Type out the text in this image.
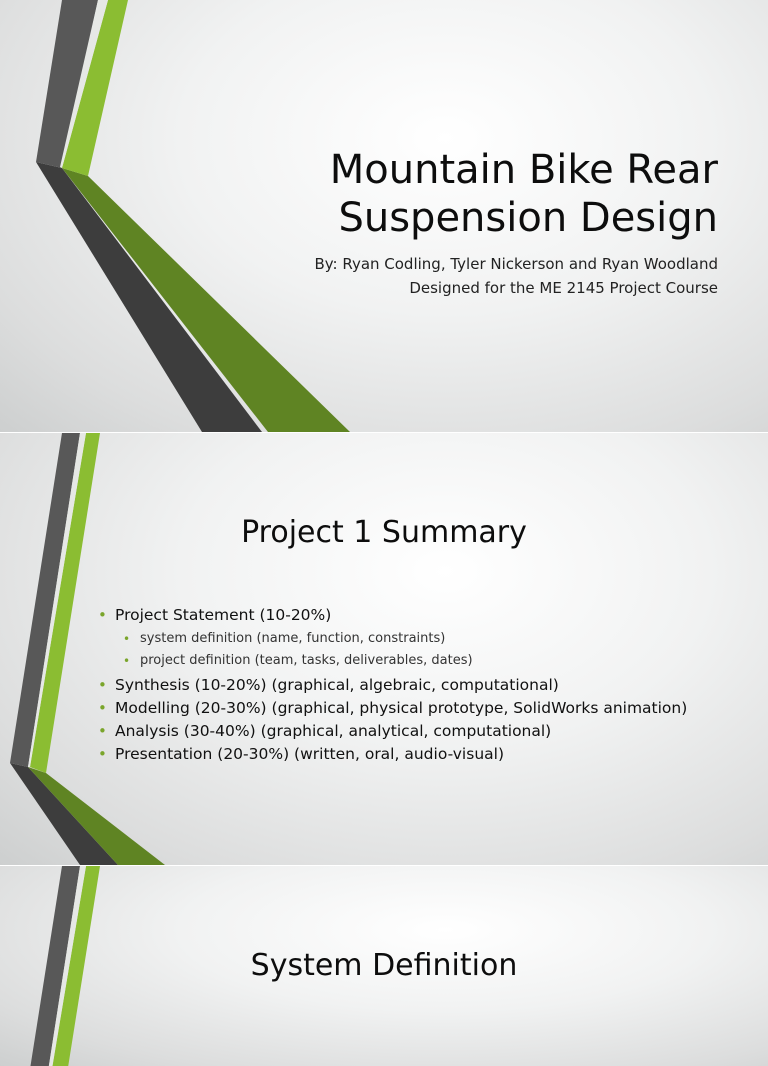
Mountain Bike Rear
Suspension Design

By: Ryan Codling, Tyler Nickerson and Ryan Woodland

Designed for the ME 2145 Project Course

Project 1 Summary
• Project Statement (10-20%)
• system definition (name, function, constraints)
• project definition (team, tasks, deliverables, dates)
• Synthesis (10-20%) (graphical, algebraic, computational)
• Modelling (20-30%) (graphical, physical prototype, SolidWorks animation)
• Analysis (30-40%) (graphical, analytical, computational)
• Presentation (20-30%) (written, oral, audio-visual)
System Definition
